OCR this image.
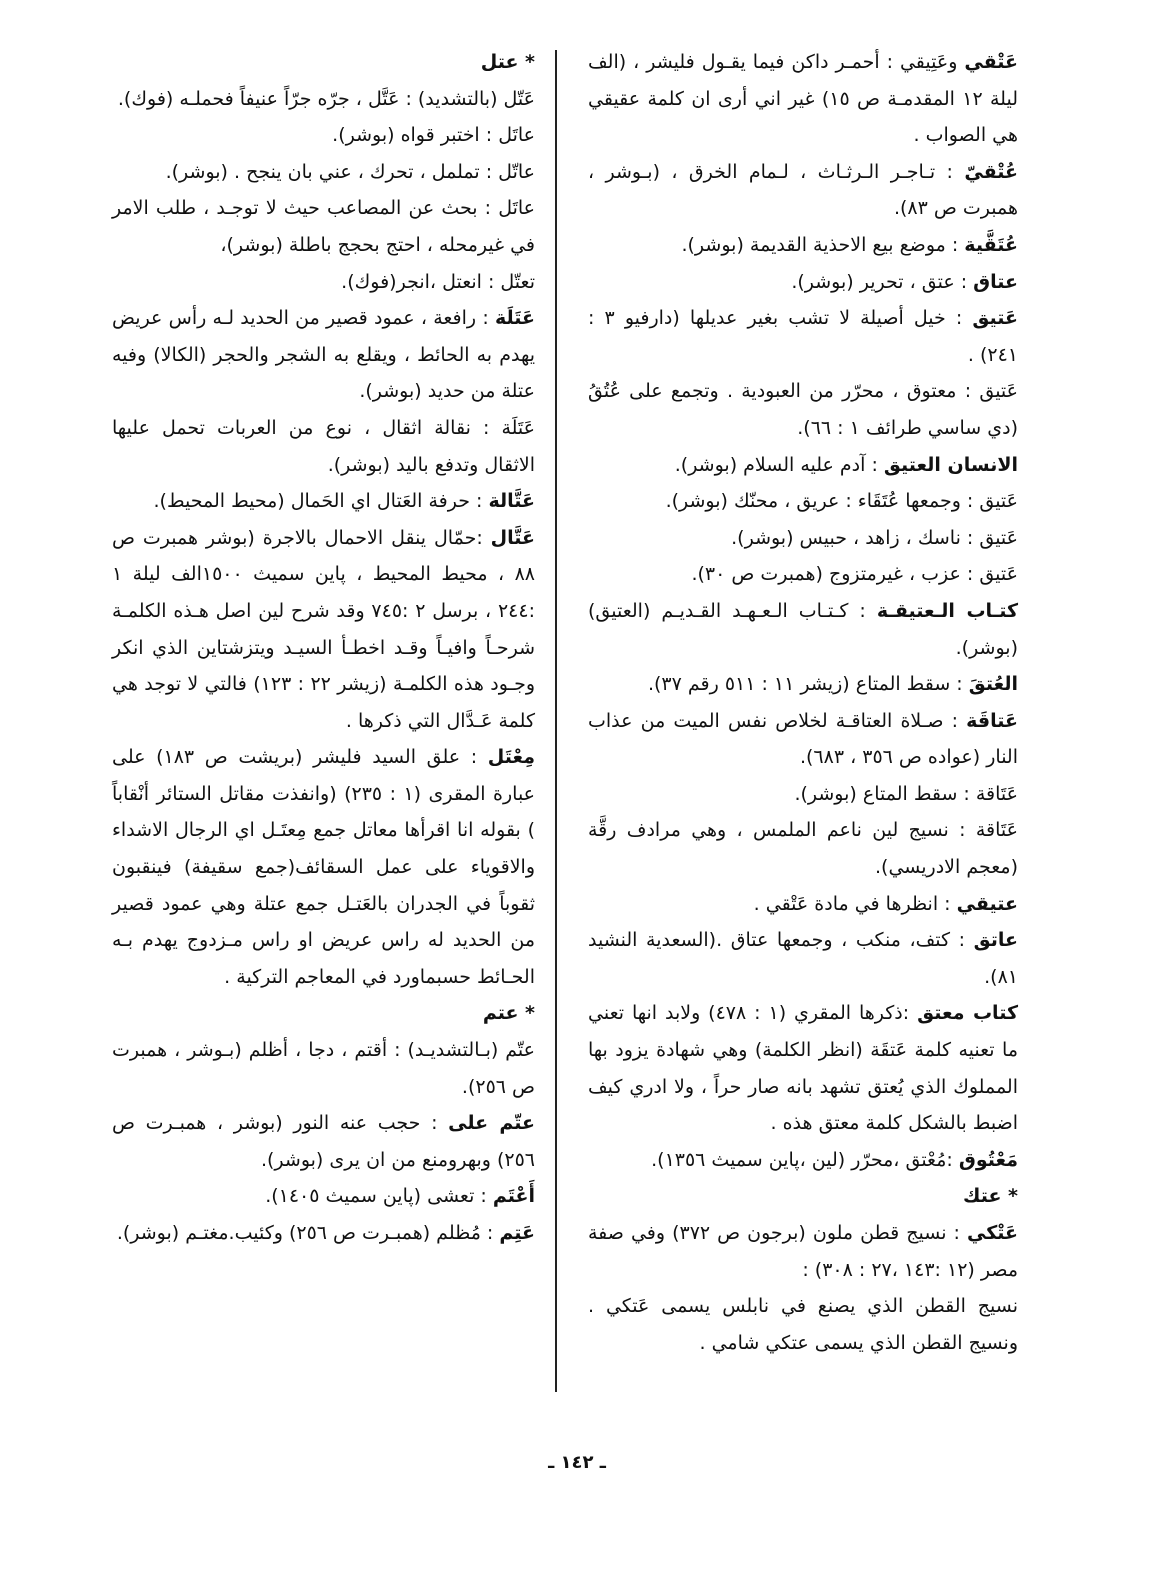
عَتْقي وعَتِيقي : أحمـر داكن فيما يقـول فليشر ، (الف ليلة ١٢ المقدمـة ص ١٥) غير اني أرى ان كلمة عقيقي هي الصواب .

عُتْقيّ : تـاجـر الـرثـاث ، لـمام الخرق ، (بـوشر ، همبرت ص ٨٣).

عُتَقَّية : موضع بيع الاحذية القديمة (بوشر).

عتاق : عتق ، تحرير (بوشر).

عَتيق : خيل أصيلة لا تشب بغير عديلها (دارفيو ٣ : ٢٤١) .

عَتيق : معتوق ، محرّر من العبودية . وتجمع على عُتُقُ (دي ساسي طرائف ١ : ٦٦).

الانسان العتيق : آدم عليه السلام (بوشر).

عَتيق : وجمعها عُتَقَاء : عريق ، محنّك (بوشر).

عَتيق : ناسك ، زاهد ، حبيس (بوشر).

عَتيق : عزب ، غيرمتزوج (همبرت ص ٣٠).

كتـاب الـعتيقـة : كـتـاب الـعـهـد القـديـم (العتيق)(بوشر).

العُتقَ : سقط المتاع (زيشر ١١ : ٥١١ رقم ٣٧).

عَتاقَة : صـلاة العتاقـة لخلاص نفس الميت من عذاب النار (عواده ص ٣٥٦ ، ٦٨٣).

عَتَاقة : سقط المتاع (بوشر).

عَتَاقة : نسيج لين ناعم الملمس ، وهي مرادف رقَّة (معجم الادريسي).

عتيقي : انظرها في مادة عَتْقي .

عاتق : كتف، منكب ، وجمعها عتاق .(السعدية النشيد ٨١).

كتاب معتق :ذكرها المقري (١ : ٤٧٨) ولابد انها تعني ما تعنيه كلمة عَتقَة (انظر الكلمة) وهي شهادة يزود بها المملوك الذي يُعتق تشهد بانه صار حراً ، ولا ادري كيف اضبط بالشكل كلمة معتق هذه .

مَعْتُوق :مُعْتق ،محرّر (لين ،پاين سميث ١٣٥٦).

* عتك

عَتْكي : نسيج قطن ملون (برجون ص ٣٧٢) وفي صفة مصر (١٢ :١٤٣ ،٢٧ : ٣٠٨) :

نسيج القطن الذي يصنع في نابلس يسمى عَتكي . ونسيج القطن الذي يسمى عتكي شامي .

* عتل

عَتّل (بالتشديد) : عَتَّل ، جرّه جرّاً عنيفاً فحملـه (فوك).

عاتَل : اختبر قواه (بوشر).

عاتّل : تململ ، تحرك ، عني بان ينجح . (بوشر).

عاتَل : بحث عن المصاعب حيث لا توجـد ، طلب الامر في غيرمحله ، احتج بحجج باطلة (بوشر)،

تعتّل : انعتل ،انجر(فوك).

عَتَلَة : رافعة ، عمود قصير من الحديد لـه رأس عريض يهدم به الحائط ، ويقلع به الشجر والحجر (الكالا) وفيه عتلة من حديد (بوشر).

عَتَلَة : نقالة اثقال ، نوع من العربات تحمل عليها الاثقال وتدفع باليد (بوشر).

عَتَّالة : حرفة العَتال اي الحَمال (محيط المحيط).

عَتَّال :حمّال ينقل الاحمال بالاجرة (بوشر همبرت ص ٨٨ ، محيط المحيط ، پاين سميث ١٥٠٠الف ليلة ١ :٢٤٤ ، برسل ٢ :٧٤٥ وقد شرح لين اصل هـذه الكلمـة شرحـاً وافيـاً وقـد اخطـأ السيـد ويتزشتاين الذي انكر وجـود هذه الكلمـة (زيشر ٢٢ : ١٢٣) فالتي لا توجد هي كلمة عَـدَّال التي ذكرها .

مِعْتَل : علق السيد فليشر (بريشت ص ١٨٣) على عبارة المقرى (١ : ٢٣٥) (وانفذت مقاتل الستائر أنْقاباً ) بقوله انا اقرأها معاتل جمع مِعتَـل اي الرجال الاشداء والاقوياء على عمل السقائف(جمع سقيفة) فينقبون ثقوباً في الجدران بالعَتـل جمع عتلة وهي عمود قصير من الحديد له راس عريض او راس مـزدوج يهدم بـه الحـائط حسبماورد في المعاجم التركية .

* عتم

عتّم (بـالتشديـد) : أقتم ، دجا ، أظلم (بـوشر ، همبرت ص ٢٥٦).

عتّم على : حجب عنه النور (بوشر ، همبـرت ص ٢٥٦) وبهرومنع من ان يرى (بوشر).

أَعْتَم : تعشى (پاين سميث ١٤٠٥).

عَتِم : مُظلم (همبـرت ص ٢٥٦) وكئيب.مغتـم (بوشر).

ـ ١٤٢ ـ
